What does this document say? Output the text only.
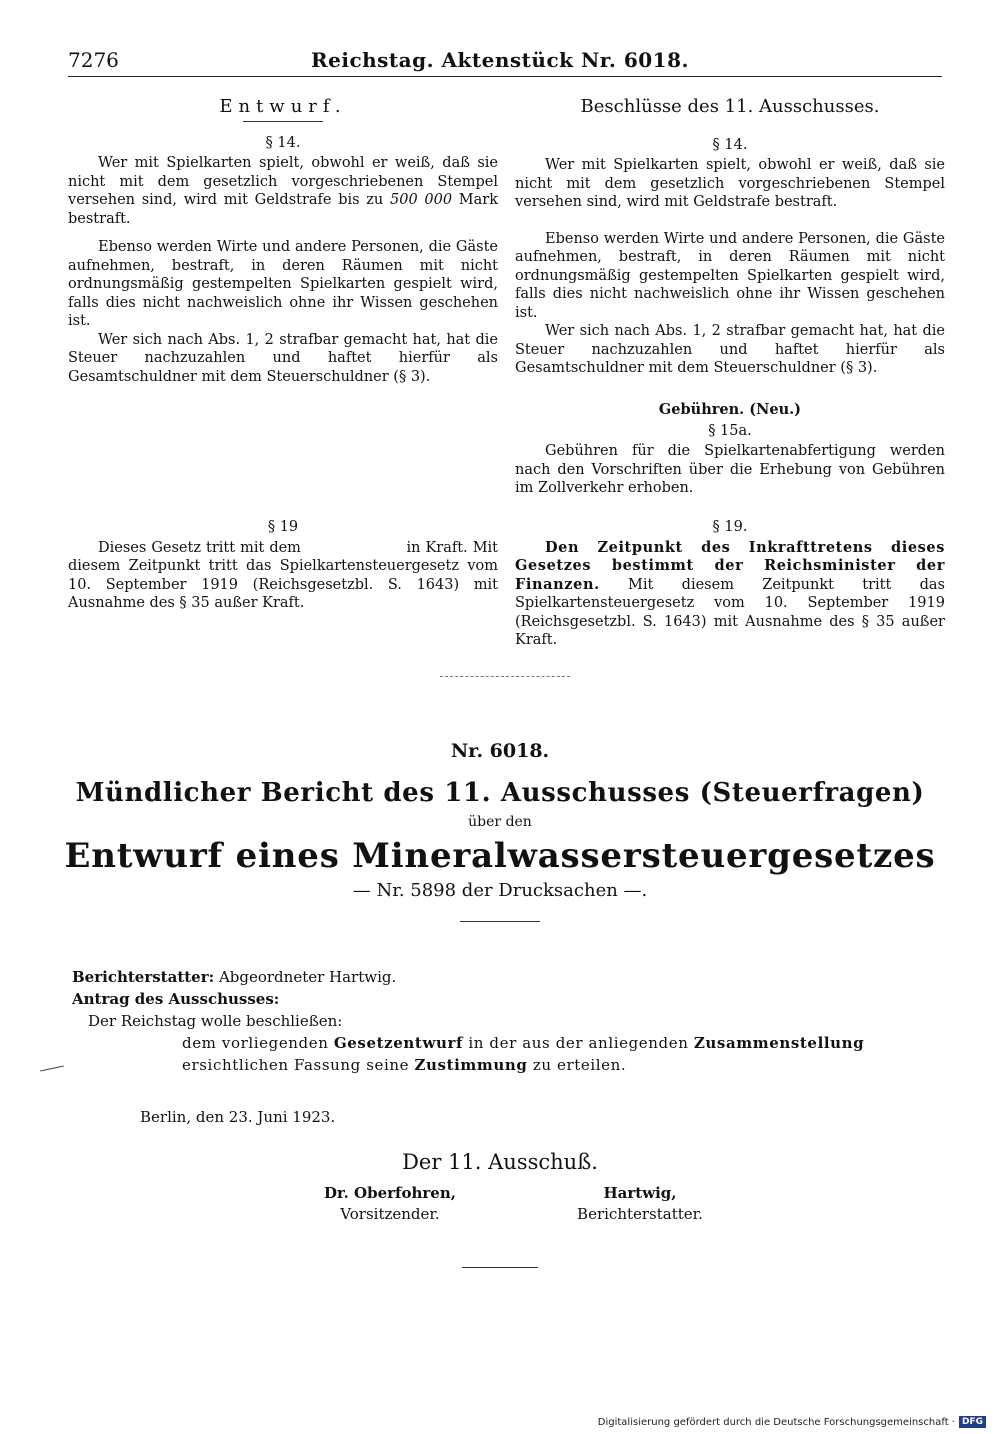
7276	Reichstag. Aktenstück Nr. 6018.
Entwurf.
§ 14.

Wer mit Spielkarten spielt, obwohl er weiß, daß sie nicht mit dem gesetzlich vorgeschriebenen Stempel versehen sind, wird mit Geldstrafe bis zu 500 000 Mark bestraft.

Ebenso werden Wirte und andere Personen, die Gäste aufnehmen, bestraft, in deren Räumen mit nicht ordnungsmäßig gestempelten Spielkarten gespielt wird, falls dies nicht nachweislich ohne ihr Wissen geschehen ist.

Wer sich nach Abs. 1, 2 strafbar gemacht hat, hat die Steuer nachzuzahlen und haftet hierfür als Gesamtschuldner mit dem Steuerschuldner (§ 3).

§ 19

Dieses Gesetz tritt mit dem                     in Kraft. Mit diesem Zeitpunkt tritt das Spielkartensteuergesetz vom 10. September 1919 (Reichsgesetzbl. S. 1643) mit Ausnahme des § 35 außer Kraft.

Beschlüsse des 11. Ausschusses.
§ 14.

Wer mit Spielkarten spielt, obwohl er weiß, daß sie nicht mit dem gesetzlich vorgeschriebenen Stempel versehen sind, wird mit Geldstrafe bestraft.

Ebenso werden Wirte und andere Personen, die Gäste aufnehmen, bestraft, in deren Räumen mit nicht ordnungsmäßig gestempelten Spielkarten gespielt wird, falls dies nicht nachweislich ohne ihr Wissen geschehen ist.

Wer sich nach Abs. 1, 2 strafbar gemacht hat, hat die Steuer nachzuzahlen und haftet hierfür als Gesamtschuldner mit dem Steuerschuldner (§ 3).

Gebühren. (Neu.)
§ 15a.

Gebühren für die Spielkartenabfertigung werden nach den Vorschriften über die Erhebung von Gebühren im Zollverkehr erhoben.

§ 19.

Den Zeitpunkt des Inkrafttretens dieses Gesetzes bestimmt der Reichsminister der Finanzen. Mit diesem Zeitpunkt tritt das Spielkartensteuergesetz vom 10. September 1919 (Reichsgesetzbl. S. 1643) mit Ausnahme des § 35 außer Kraft.

Nr. 6018.
Mündlicher Bericht des 11. Ausschusses (Steuerfragen)
über den
Entwurf eines Mineralwassersteuergesetzes
— Nr. 5898 der Drucksachen —.
Berichterstatter: Abgeordneter Hartwig.
Antrag des Ausschusses:
Der Reichstag wolle beschließen:
dem vorliegenden Gesetzentwurf in der aus der anliegenden Zusammenstellung ersichtlichen Fassung seine Zustimmung zu erteilen.
Berlin, den 23. Juni 1923.
Der 11. Ausschuß.
Dr. Oberfohren,
Vorsitzender.
Hartwig,
Berichterstatter.
Digitalisierung gefördert durch die Deutsche Forschungsgemeinschaft · DFG
